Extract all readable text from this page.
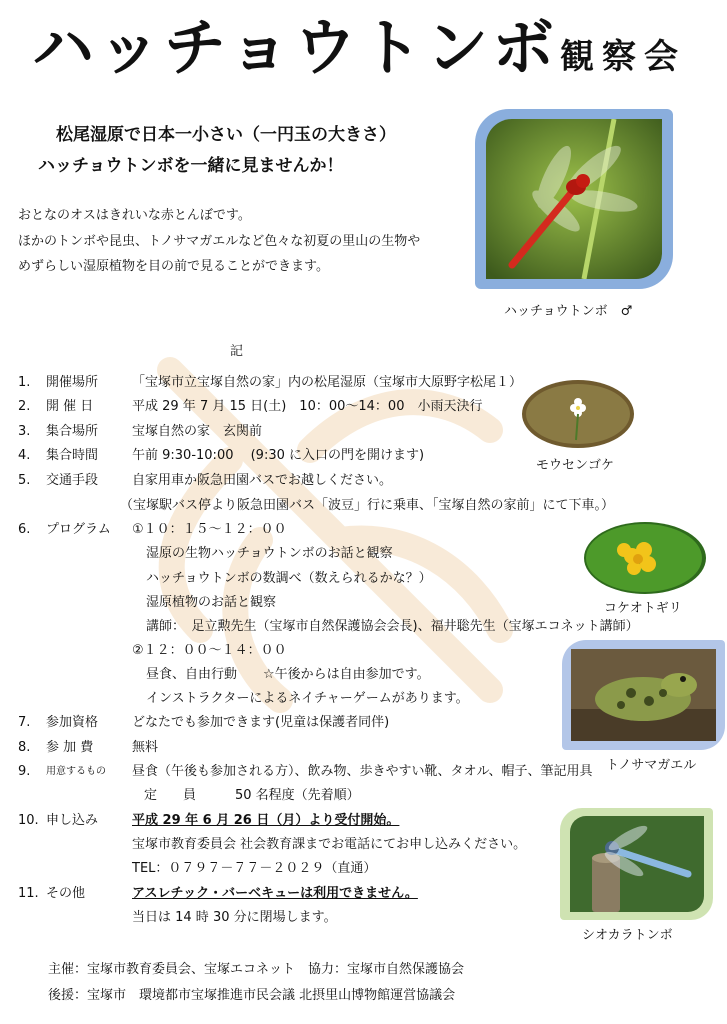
ハッチョウトンボ 観察会
松尾湿原で日本一小さい（一円玉の大きさ）
ハッチョウトンボを一緒に見ませんか！
おとなのオスはきれいな赤とんぼです。
ほかのトンボや昆虫、トノサマガエルなど色々な初夏の里山の生物や
めずらしい湿原植物を目の前で見ることができます。
ハッチョウトンボ　♂
モウセンゴケ
コケオトギリ
トノサマガエル
シオカラトンボ
記
1. 開催場所	「宝塚市立宝塚自然の家」内の松尾湿原（宝塚市大原野字松尾１）
2. 開 催 日	平成 29 年 7 月 15 日(土)　10：00～14：00　小雨天決行
3. 集合場所	宝塚自然の家　玄関前
4. 集合時間	午前 9:30-10:00　 (9:30 に入口の門を開けます)
5. 交通手段	自家用車か阪急田園バスでお越しください。
（宝塚駅バス停より阪急田園バス「波豆」行に乗車、「宝塚自然の家前」にて下車。）
6. プログラム ①１０：１５～１２：００
湿原の生物ハッチョウトンボのお話と観察
ハッチョウトンボの数調べ（数えられるかな？）
湿原植物のお話と観察
講師：　足立勲先生（宝塚市自然保護協会会長)、福井聡先生（宝塚エコネット講師）
②１２：００～１４：００
昼食、自由行動　　☆午後からは自由参加です。
インストラクターによるネイチャーゲームがあります。
7. 参加資格	どなたでも参加できます(児童は保護者同伴)
8. 参 加 費	無料
9. 用意するもの 昼食（午後も参加される方）、飲み物、歩きやすい靴、タオル、帽子、筆記用具
定　　員　　　50 名程度（先着順）
10. 申し込み	平成 29 年 6 月 26 日（月）より受付開始。
宝塚市教育委員会 社会教育課までお電話にてお申し込みください。
TEL：０７９７－７７－２０２９（直通）
11. その他	アスレチック・バーベキューは利用できません。
当日は 14 時 30 分に閉場します。
主催：宝塚市教育委員会、宝塚エコネット　協力：宝塚市自然保護協会
後援：宝塚市　環境都市宝塚推進市民会議 北摂里山博物館運営協議会
